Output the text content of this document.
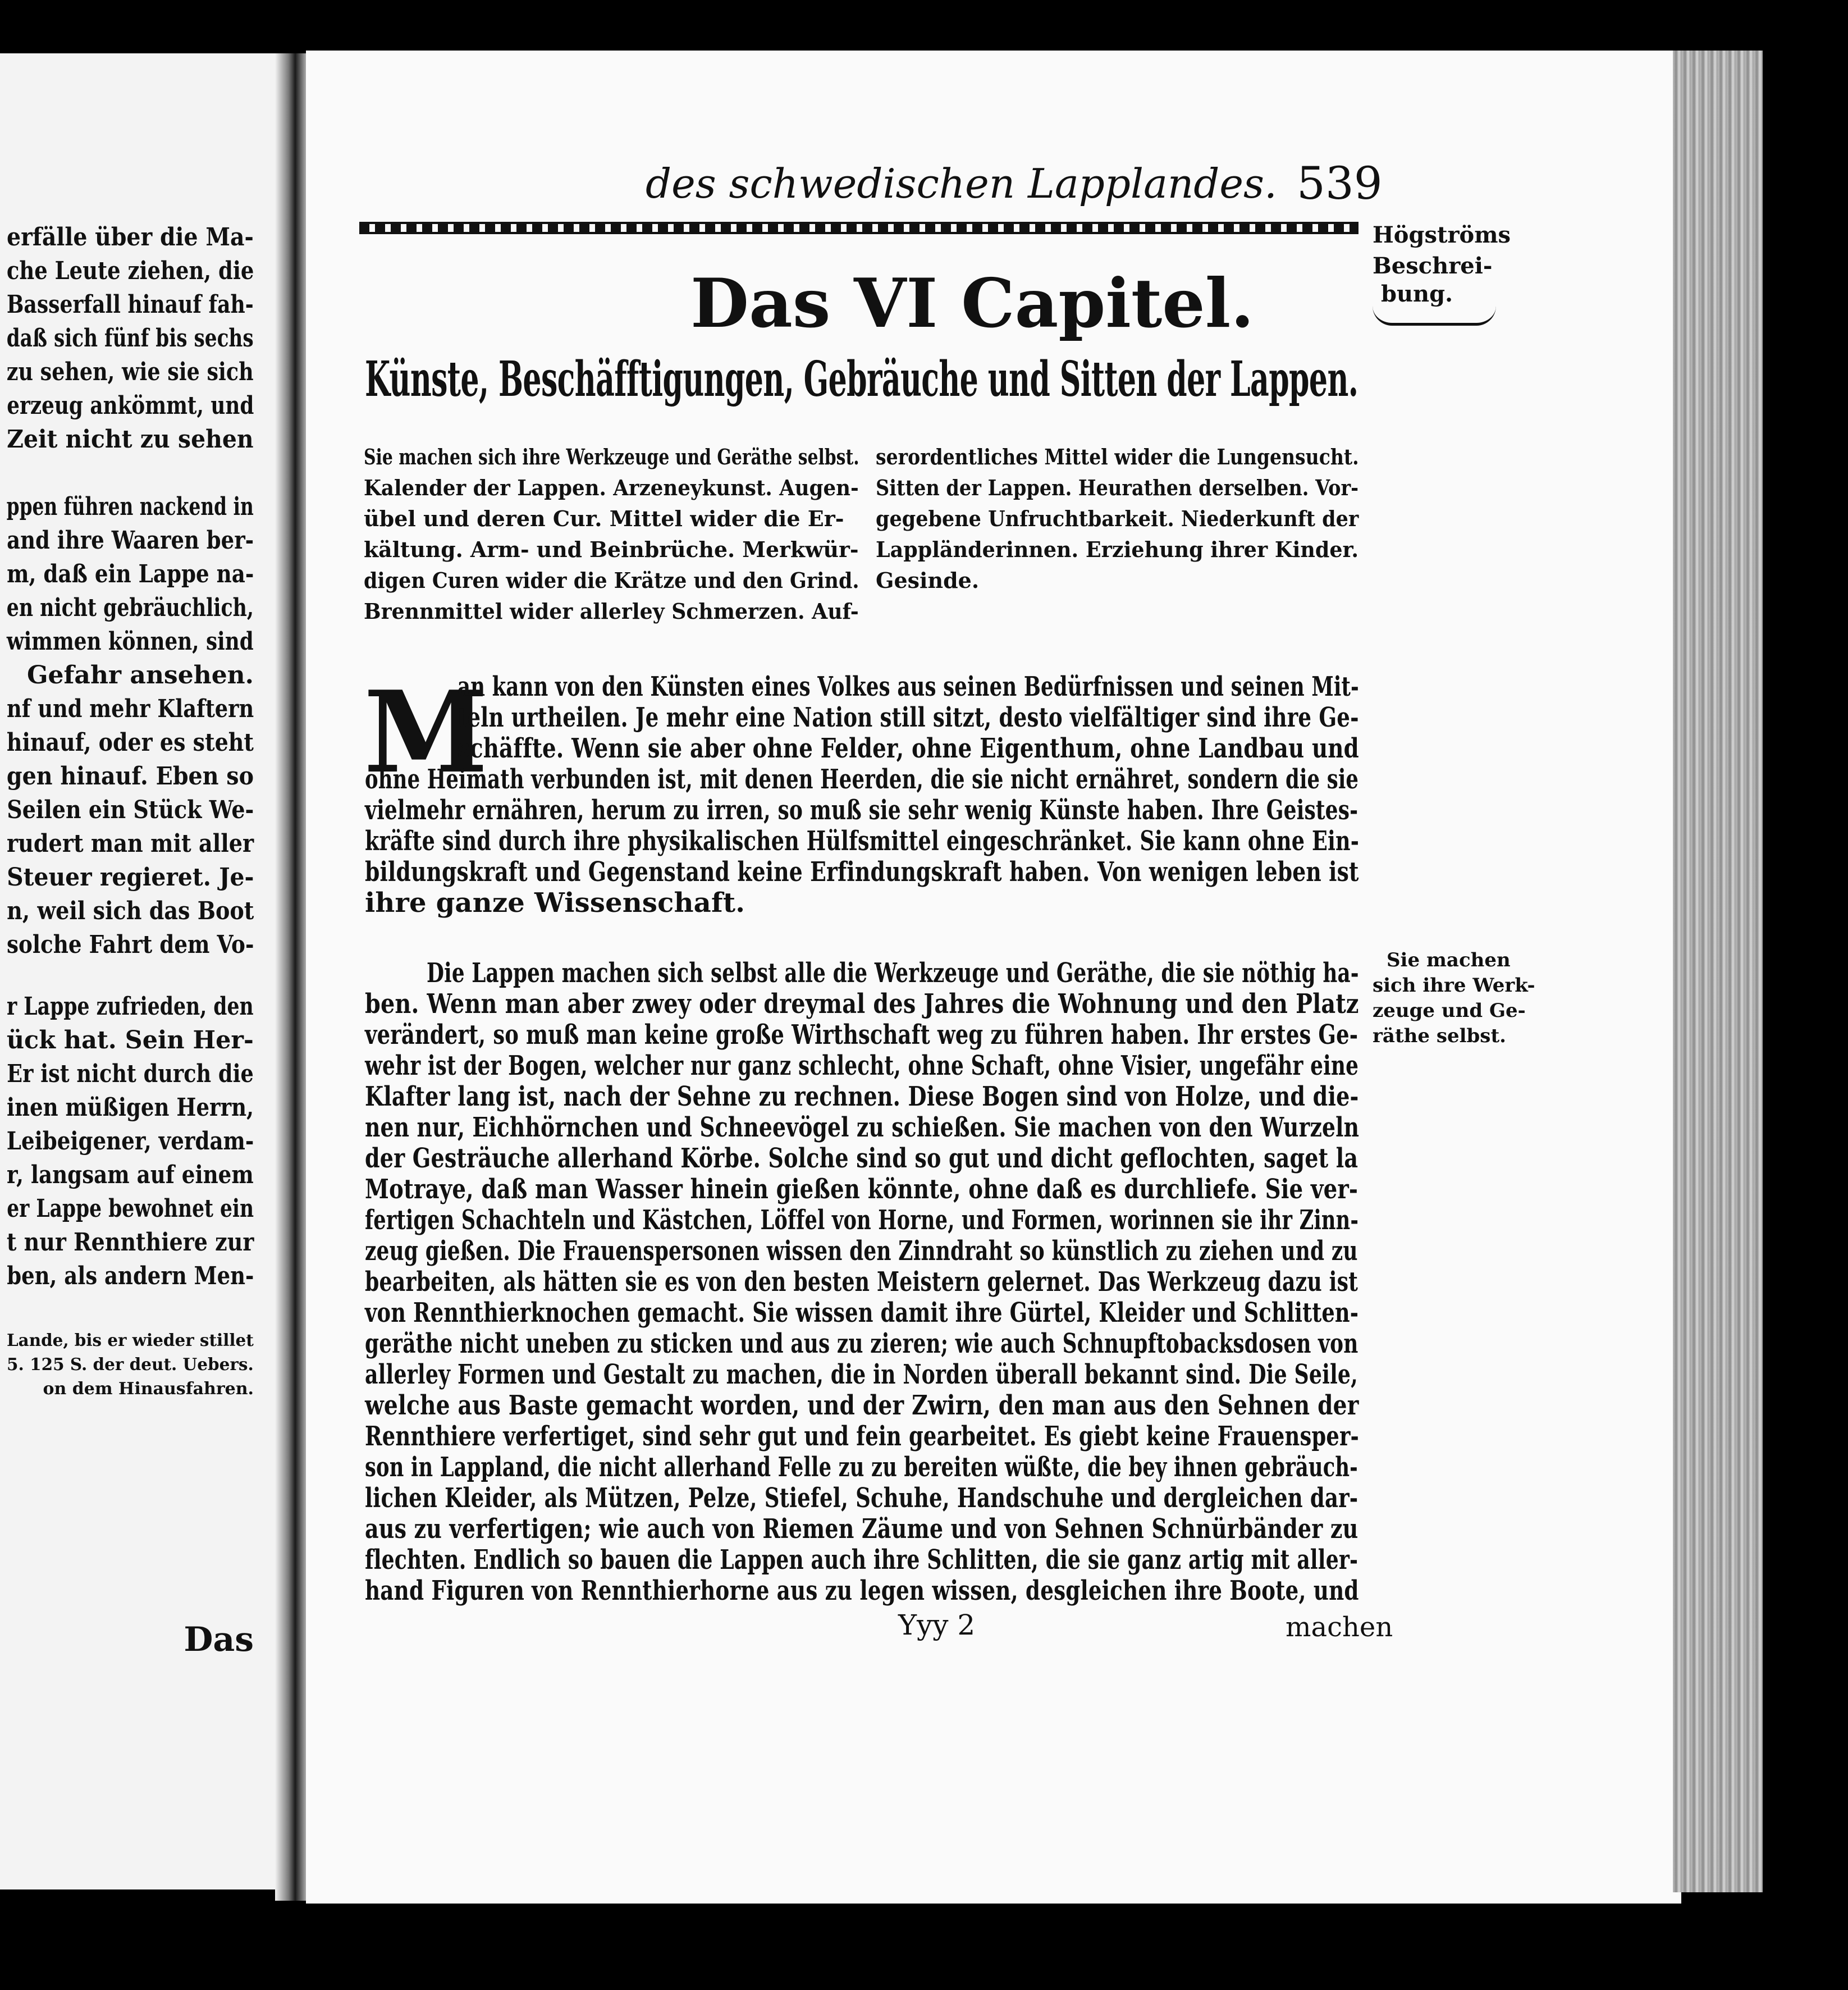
erfälle über die Ma-
che Leute ziehen, die
Basserfall hinauf fah-
daß sich fünf bis sechs
zu sehen, wie sie sich
erzeug ankömmt, und
Zeit nicht zu sehen
ppen führen nackend in
and ihre Waaren ber-
m, daß ein Lappe na-
en nicht gebräuchlich,
wimmen können, sind
Gefahr ansehen.
nf und mehr Klaftern
hinauf, oder es steht
gen hinauf. Eben so
Seilen ein Stück We-
rudert man mit aller
Steuer regieret. Je-
n, weil sich das Boot
solche Fahrt dem Vo-
r Lappe zufrieden, den
ück hat. Sein Her-
Er ist nicht durch die
inen müßigen Herrn,
Leibeigener, verdam-
r, langsam auf einem
er Lappe bewohnet ein
t nur Rennthiere zur
ben, als andern Men-
Lande, bis er wieder stillet
5. 125 S. der deut. Uebers.
on dem Hinausfahren.
Das
des schwedischen Lapplandes. 539
Högströms
Beschrei-
bung.
Das VI Capitel.
Künste, Beschäfftigungen, Gebräuche und Sitten der Lappen.
Sie machen sich ihre Werkzeuge und Geräthe selbst.
Kalender der Lappen. Arzeneykunst. Augen-
übel und deren Cur. Mittel wider die Er-
kältung. Arm- und Beinbrüche. Merkwür-
digen Curen wider die Krätze und den Grind.
Brennmittel wider allerley Schmerzen. Auf-
serordentliches Mittel wider die Lungensucht.
Sitten der Lappen. Heurathen derselben. Vor-
gegebene Unfruchtbarkeit. Niederkunft der
Lappländerinnen. Erziehung ihrer Kinder.
Gesinde.
M
an kann von den Künsten eines Volkes aus seinen Bedürfnissen und seinen Mit-
teln urtheilen. Je mehr eine Nation still sitzt, desto vielfältiger sind ihre Ge-
schäffte. Wenn sie aber ohne Felder, ohne Eigenthum, ohne Landbau und
ohne Heimath verbunden ist, mit denen Heerden, die sie nicht ernähret, sondern die sie
vielmehr ernähren, herum zu irren, so muß sie sehr wenig Künste haben. Ihre Geistes-
kräfte sind durch ihre physikalischen Hülfsmittel eingeschränket. Sie kann ohne Ein-
bildungskraft und Gegenstand keine Erfindungskraft haben. Von wenigen leben ist
ihre ganze Wissenschaft.
Sie machen
sich ihre Werk-
zeuge und Ge-
räthe selbst.
Die Lappen machen sich selbst alle die Werkzeuge und Geräthe, die sie nöthig ha-
ben. Wenn man aber zwey oder dreymal des Jahres die Wohnung und den Platz
verändert, so muß man keine große Wirthschaft weg zu führen haben. Ihr erstes Ge-
wehr ist der Bogen, welcher nur ganz schlecht, ohne Schaft, ohne Visier, ungefähr eine
Klafter lang ist, nach der Sehne zu rechnen. Diese Bogen sind von Holze, und die-
nen nur, Eichhörnchen und Schneevögel zu schießen. Sie machen von den Wurzeln
der Gesträuche allerhand Körbe. Solche sind so gut und dicht geflochten, saget la
Motraye, daß man Wasser hinein gießen könnte, ohne daß es durchliefe. Sie ver-
fertigen Schachteln und Kästchen, Löffel von Horne, und Formen, worinnen sie ihr Zinn-
zeug gießen. Die Frauenspersonen wissen den Zinndraht so künstlich zu ziehen und zu
bearbeiten, als hätten sie es von den besten Meistern gelernet. Das Werkzeug dazu ist
von Rennthierknochen gemacht. Sie wissen damit ihre Gürtel, Kleider und Schlitten-
geräthe nicht uneben zu sticken und aus zu zieren; wie auch Schnupftobacksdosen von
allerley Formen und Gestalt zu machen, die in Norden überall bekannt sind. Die Seile,
welche aus Baste gemacht worden, und der Zwirn, den man aus den Sehnen der
Rennthiere verfertiget, sind sehr gut und fein gearbeitet. Es giebt keine Frauensper-
son in Lappland, die nicht allerhand Felle zu zu bereiten wüßte, die bey ihnen gebräuch-
lichen Kleider, als Mützen, Pelze, Stiefel, Schuhe, Handschuhe und dergleichen dar-
aus zu verfertigen; wie auch von Riemen Zäume und von Sehnen Schnürbänder zu
flechten. Endlich so bauen die Lappen auch ihre Schlitten, die sie ganz artig mit aller-
hand Figuren von Rennthierhorne aus zu legen wissen, desgleichen ihre Boote, und
Yyy 2	machen
